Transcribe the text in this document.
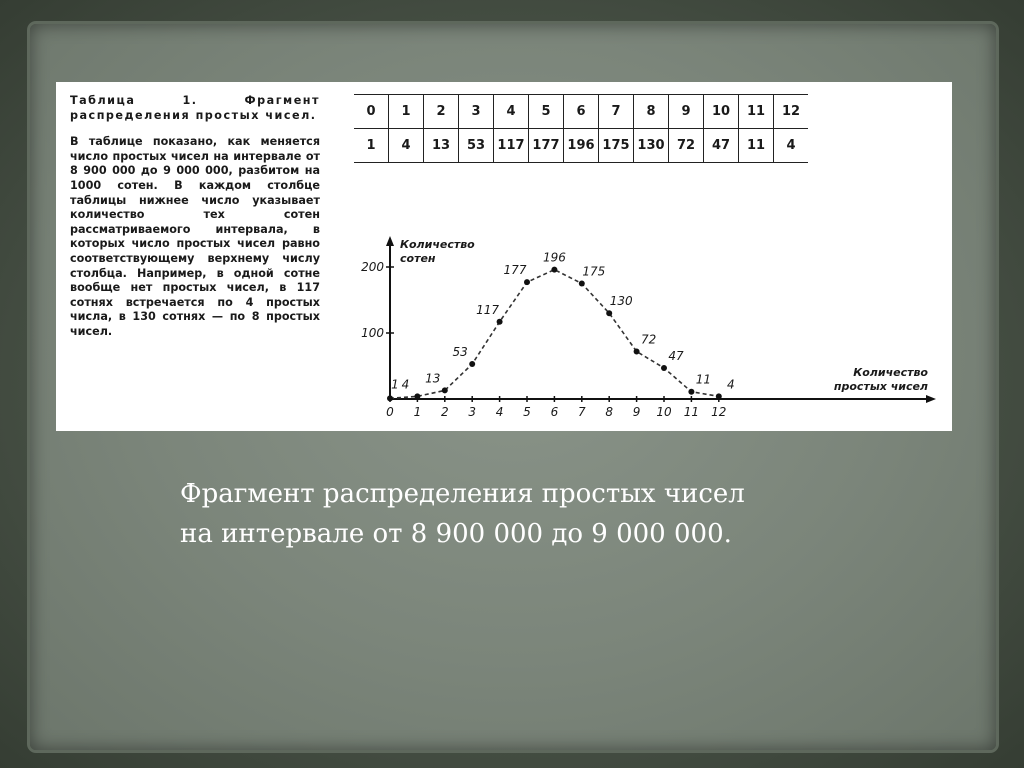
Таблица 1. Фрагмент распределения простых чисел.
В таблице показано, как меняется число простых чисел на интервале от 8 900 000 до 9 000 000, разбитом на 1000 сотен. В каждом столбце таблицы нижнее число указывает количество тех сотен рассматриваемого интервала, в которых число простых чисел равно соответствующему верхнему числу столбца. Например, в одной сотне вообще нет простых чисел, в 117 сотнях встречается по 4 простых числа, в 130 сотнях — по 8 простых чисел.
0	1	2	3	4	5	6	7	8	9	10	11	12
1	4	13	53	117	177	196	175	130	72	47	11	4
100
200
0 1 2 3 4 5 6 7 8 9 10 11 12
Количество
сотен
Количество
простых чисел
1 4 13
53
117
177
196
175
130
72
47
11 4
Фрагмент распределения простых чисел
на интервале от 8 900 000 до 9 000 000.
